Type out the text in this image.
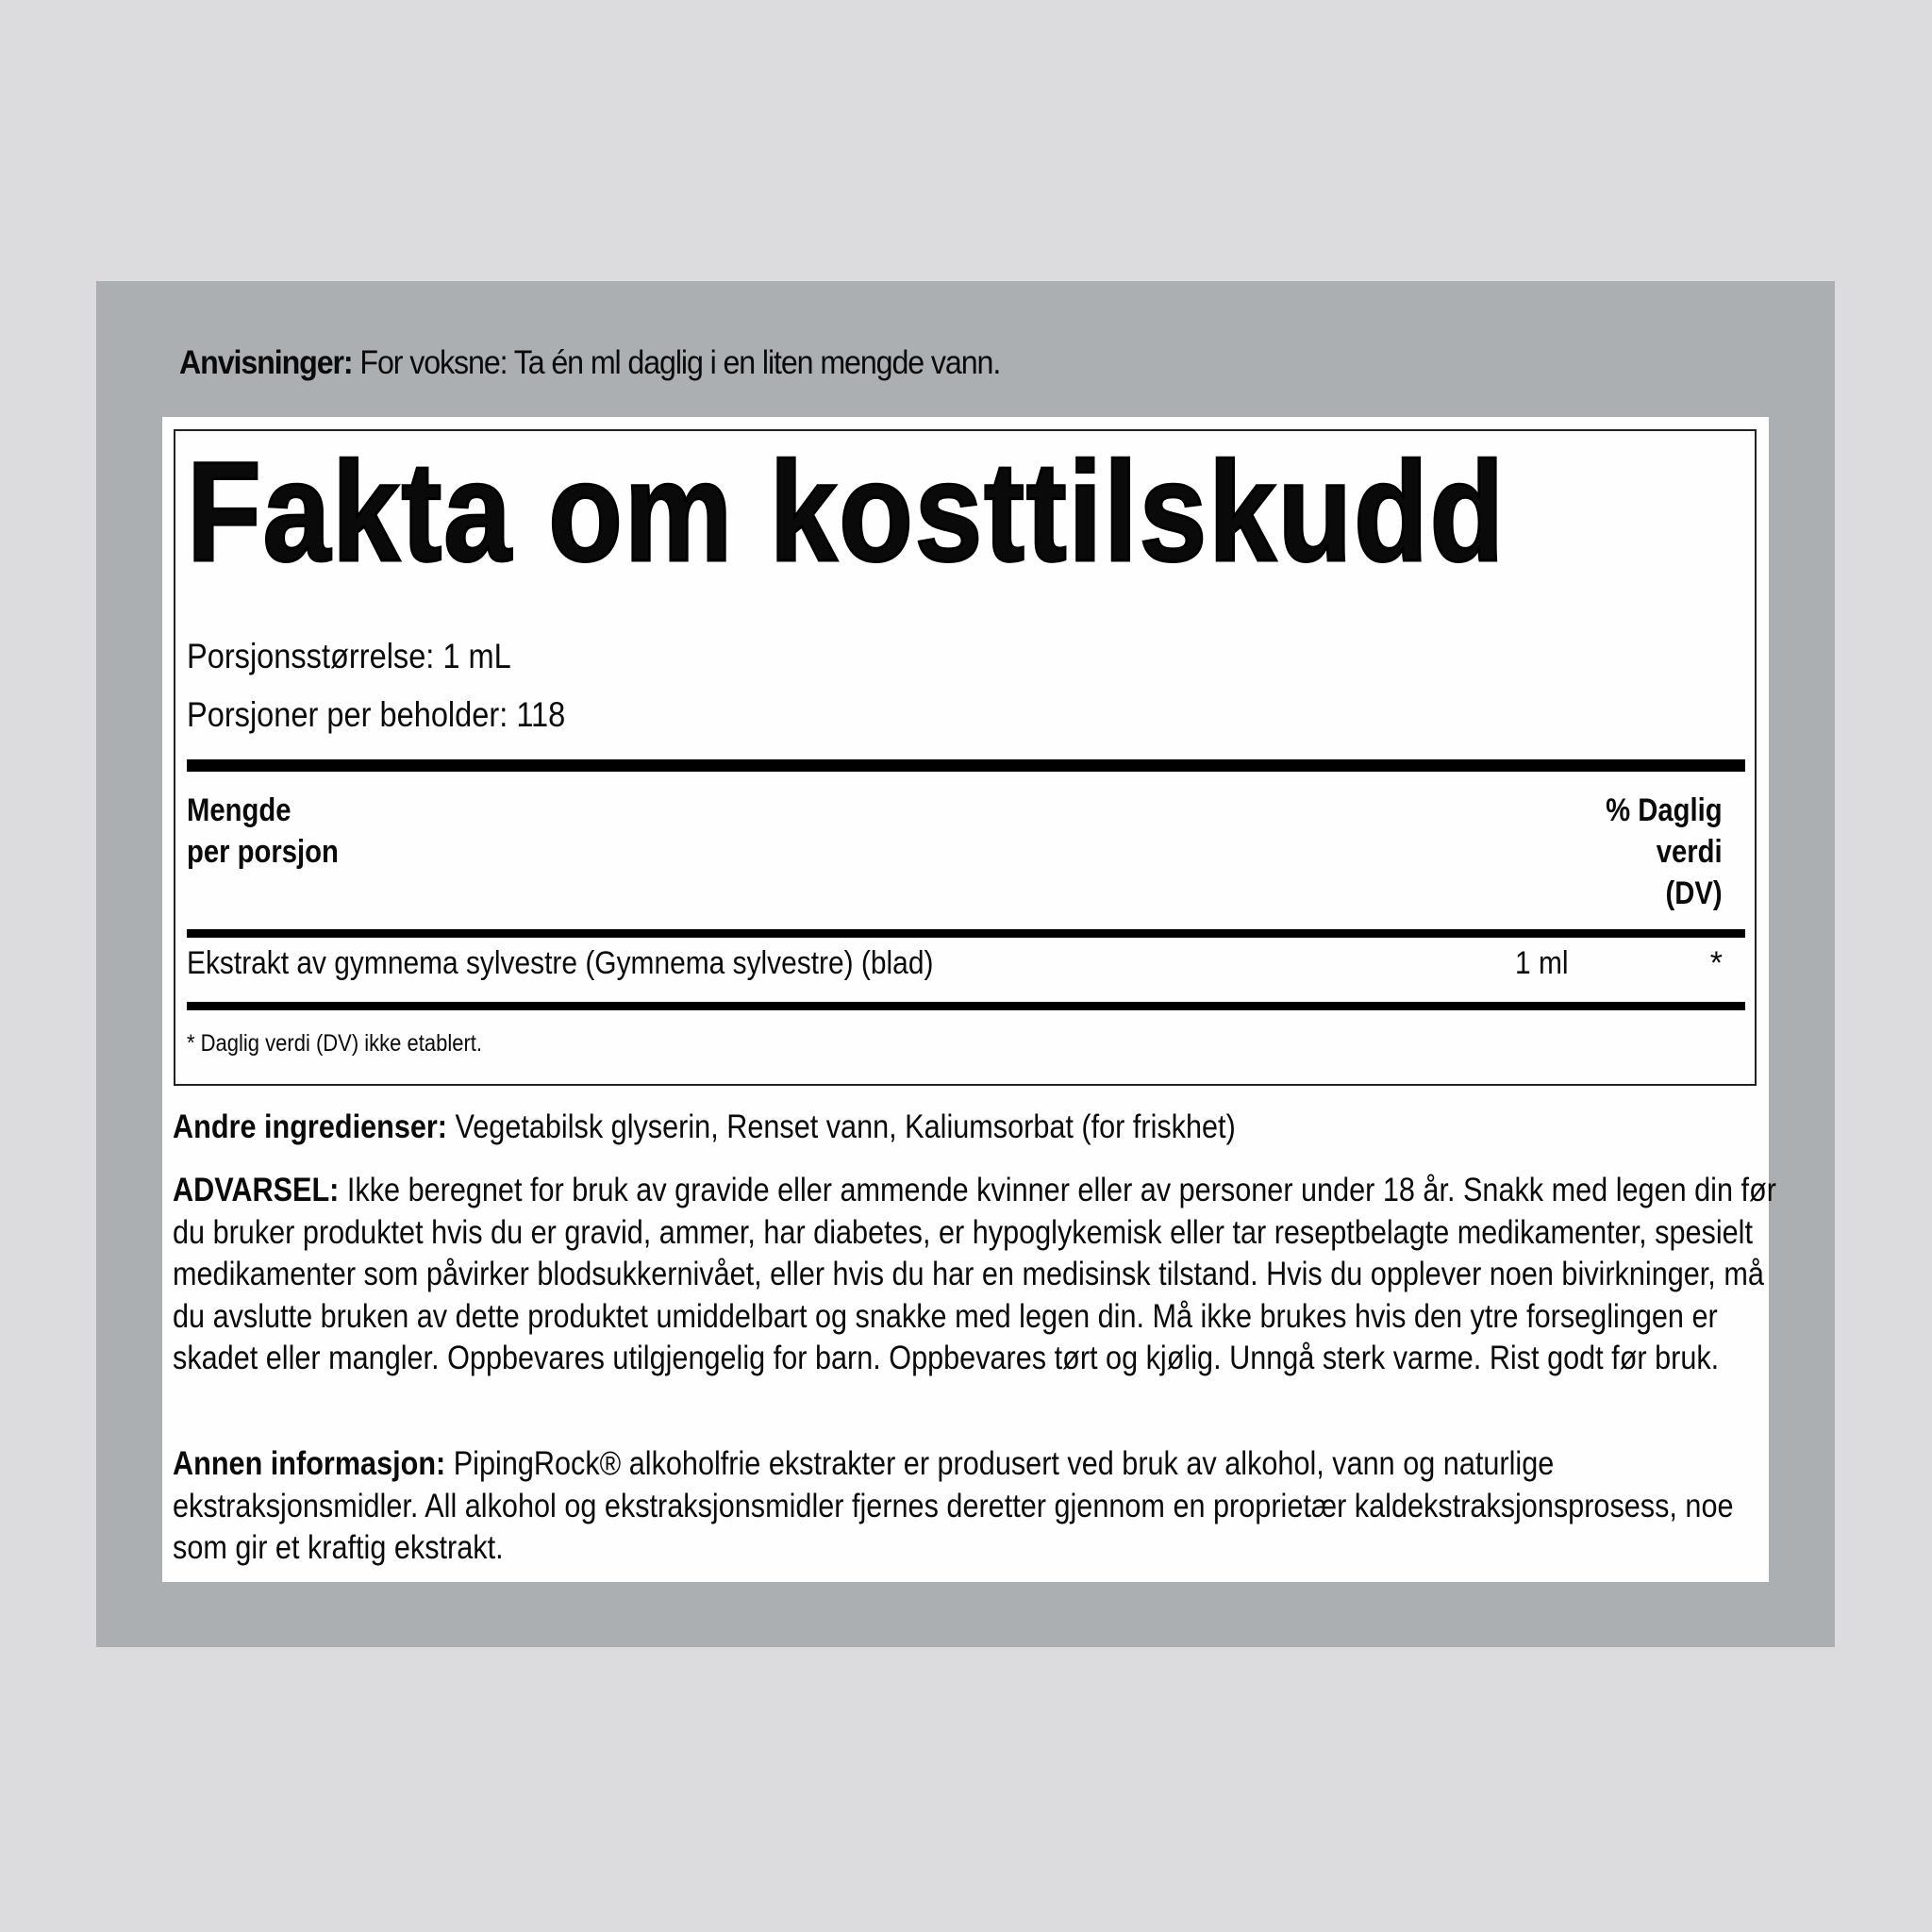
Anvisninger: For voksne: Ta én ml daglig i en liten mengde vann.
Fakta om kosttilskudd
Porsjonsstørrelse: 1 mL
Porsjoner per beholder: 118
Mengde
per porsjon
% Daglig
verdi
(DV)
Ekstrakt av gymnema sylvestre (Gymnema sylvestre) (blad)	1 ml	*
* Daglig verdi (DV) ikke etablert.
Andre ingredienser: Vegetabilsk glyserin, Renset vann, Kaliumsorbat (for friskhet)
ADVARSEL: Ikke beregnet for bruk av gravide eller ammende kvinner eller av personer under 18 år. Snakk med legen din før du bruker produktet hvis du er gravid, ammer, har diabetes, er hypoglykemisk eller tar reseptbelagte medikamenter, spesielt medikamenter som påvirker blodsukkernivået, eller hvis du har en medisinsk tilstand. Hvis du opplever noen bivirkninger, må du avslutte bruken av dette produktet umiddelbart og snakke med legen din. Må ikke brukes hvis den ytre forseglingen er skadet eller mangler. Oppbevares utilgjengelig for barn. Oppbevares tørt og kjølig. Unngå sterk varme. Rist godt før bruk.
Annen informasjon: PipingRock® alkoholfrie ekstrakter er produsert ved bruk av alkohol, vann og naturlige ekstraksjonsmidler. All alkohol og ekstraksjonsmidler fjernes deretter gjennom en proprietær kaldekstraksjonsprosess, noe som gir et kraftig ekstrakt.
